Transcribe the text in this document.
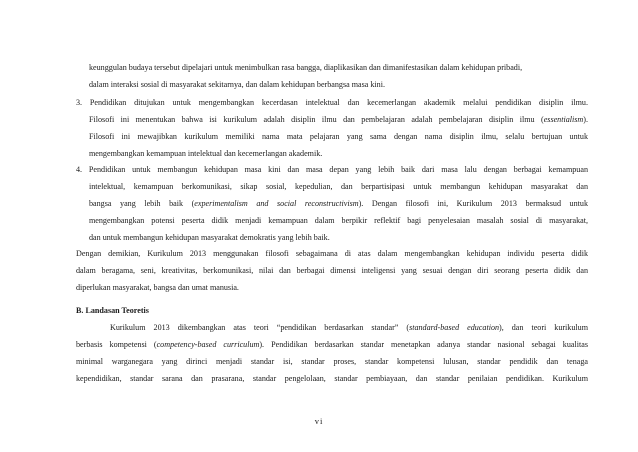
keunggulan budaya tersebut dipelajari untuk menimbulkan rasa bangga, diaplikasikan dan dimanifestasikan dalam kehidupan pribadi,
dalam interaksi sosial di masyarakat sekitarnya, dan dalam kehidupan berbangsa masa kini.
3. Pendidikan ditujukan untuk mengembangkan kecerdasan intelektual dan kecemerlangan akademik melalui pendidikan disiplin ilmu.
Filosofi ini menentukan bahwa isi kurikulum adalah disiplin ilmu dan pembelajaran adalah pembelajaran disiplin ilmu (essentialism).
Filosofi ini mewajibkan kurikulum memiliki nama mata pelajaran yang sama dengan nama disiplin ilmu, selalu bertujuan untuk
mengembangkan kemampuan intelektual dan kecemerlangan akademik.
4. Pendidikan untuk membangun kehidupan masa kini dan masa depan yang lebih baik dari masa lalu dengan berbagai kemampuan
intelektual, kemampuan berkomunikasi, sikap sosial, kepedulian, dan berpartisipasi untuk membangun kehidupan masyarakat dan
bangsa yang lebih baik (experimentalism and social reconstructivism). Dengan filosofi ini, Kurikulum 2013 bermaksud untuk
mengembangkan potensi peserta didik menjadi kemampuan dalam berpikir reflektif bagi penyelesaian masalah sosial di masyarakat,
dan untuk membangun kehidupan masyarakat demokratis yang lebih baik.
Dengan demikian, Kurikulum 2013 menggunakan filosofi sebagaimana di atas dalam mengembangkan kehidupan individu peserta didik
dalam beragama, seni, kreativitas, berkomunikasi, nilai dan berbagai dimensi inteligensi yang sesuai dengan diri seorang peserta didik dan
diperlukan masyarakat, bangsa dan umat manusia.
B. Landasan Teoretis
Kurikulum 2013 dikembangkan atas teori “pendidikan berdasarkan standar” (standard-based education), dan teori kurikulum
berbasis kompetensi (competency-based curriculum). Pendidikan berdasarkan standar menetapkan adanya standar nasional sebagai kualitas
minimal warganegara yang dirinci menjadi standar isi, standar proses, standar kompetensi lulusan, standar pendidik dan tenaga
kependidikan, standar sarana dan prasarana, standar pengelolaan, standar pembiayaan, dan standar penilaian pendidikan. Kurikulum
vi
